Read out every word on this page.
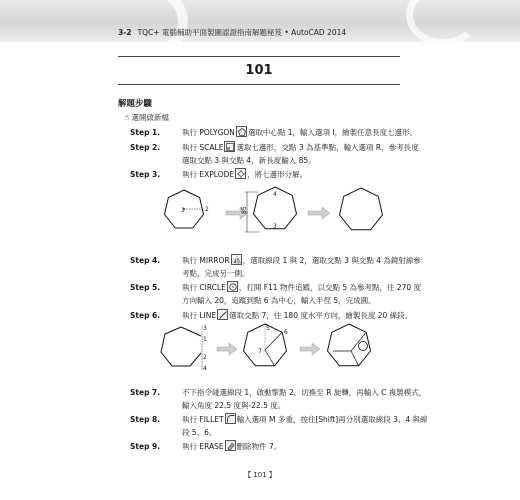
3-2 TQC+ 電腦輔助平面製圖認證指南解題秘笈 • AutoCAD 2014
101
解題步驟
☝ 選開啟新檔
Step 1.	執行 POLYGON 選取中心點 1，輸入選項 I，繪製任意長度七邊形。
Step 2.	執行 SCALE 選取七邊形，交點 3 為基準點，輸入選項 R，參考長度
選取交點 3 與交點 4，新長度輸入 85。
Step 3.	執行 EXPLODE ，將七邊形分解。
1	2	85
4
3
Step 4.	執行 MIRROR ，選取線段 1 與 2，選取交點 3 與交點 4 為鏡射線參
考點，完成另一側。
Step 5.	執行 CIRCLE ，打開 F11 物件追蹤，以交點 5 為參考點，往 270 度
方向輸入 20，追蹤到點 6 為中心，輸入半徑 5，完成圓。
Step 6.	執行 LINE 選取交點 7，往 180 度水平方向，繪製長度 20 線段。
3
1
2
4
5
6
7
Step 7.	不下指令碰選線段 1，啟動掣點 2，切換至 R 旋轉，再輸入 C 複製模式，
輸入角度 22.5 度與-22.5 度。
Step 8.	執行 FILLET 輸入選項 M 多重，按住[Shift]再分別選取線段 3、4 與線
段 5、6。
Step 9.	執行 ERASE 刪除物件 7。
【 101 】
